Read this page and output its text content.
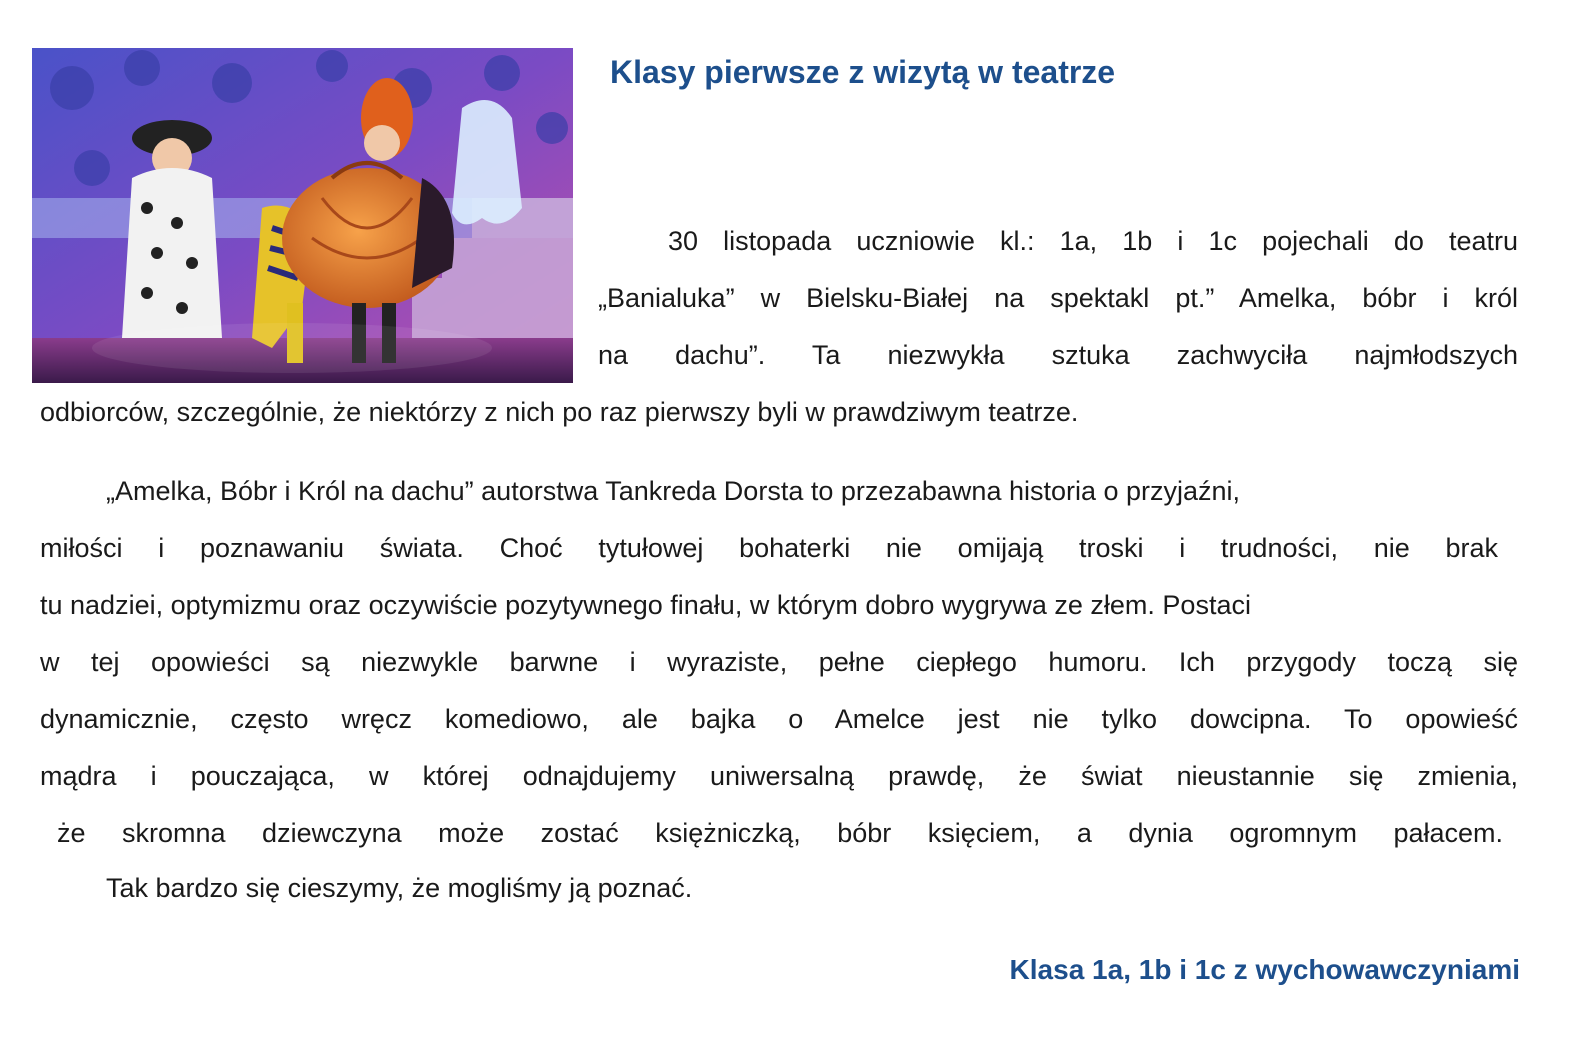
Klasy pierwsze z wizytą w teatrze
30 listopada uczniowie kl.: 1a, 1b i 1c pojechali do teatru
„Banialuka” w Bielsku-Białej na spektakl pt.” Amelka, bóbr i król
na dachu”. Ta niezwykła sztuka zachwyciła najmłodszych
odbiorców, szczególnie, że niektórzy z nich po raz pierwszy byli w prawdziwym teatrze.
„Amelka, Bóbr i Król na dachu” autorstwa Tankreda Dorsta to przezabawna historia o przyjaźni,
miłości i poznawaniu świata. Choć tytułowej bohaterki nie omijają troski i trudności, nie brak
tu nadziei, optymizmu oraz oczywiście pozytywnego finału, w którym dobro wygrywa ze złem. Postaci
w tej opowieści są niezwykle barwne i wyraziste, pełne ciepłego humoru. Ich przygody toczą się
dynamicznie, często wręcz komediowo, ale bajka o Amelce jest nie tylko dowcipna. To opowieść
mądra i pouczająca, w której odnajdujemy uniwersalną prawdę, że świat nieustannie się zmienia,
że skromna dziewczyna może zostać księżniczką, bóbr księciem, a dynia ogromnym pałacem.
Tak bardzo się cieszymy, że mogliśmy ją poznać.

Klasa 1a, 1b i 1c z wychowawczyniami
